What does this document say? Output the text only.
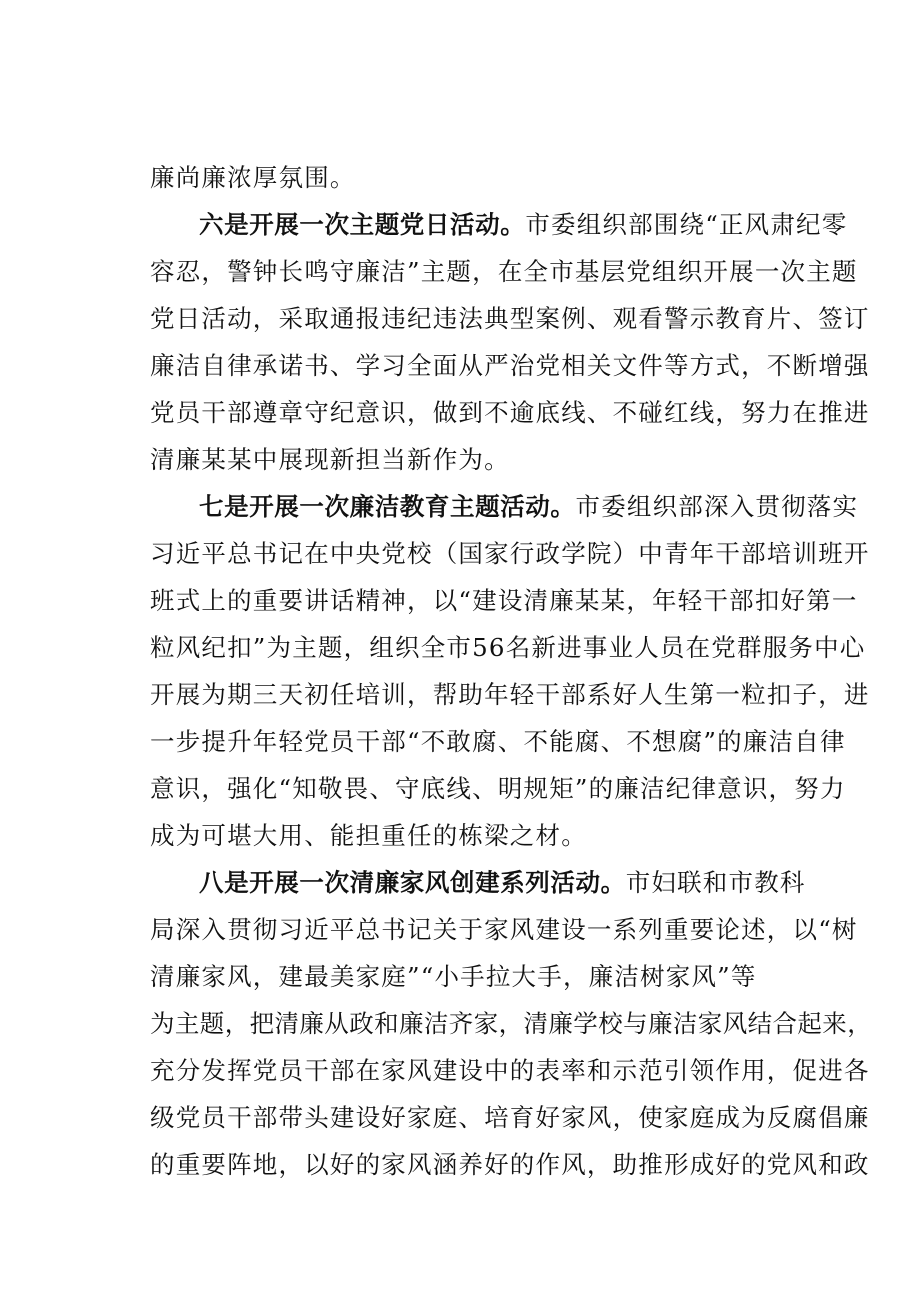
廉尚廉浓厚氛围。
六是开展一次主题党日活动。市委组织部围绕“正风肃纪零
容忍，警钟长鸣守廉洁”主题，在全市基层党组织开展一次主题
党日活动，采取通报违纪违法典型案例、观看警示教育片、签订
廉洁自律承诺书、学习全面从严治党相关文件等方式，不断增强
党员干部遵章守纪意识，做到不逾底线、不碰红线，努力在推进
清廉某某中展现新担当新作为。
七是开展一次廉洁教育主题活动。市委组织部深入贯彻落实
习近平总书记在中央党校（国家行政学院）中青年干部培训班开
班式上的重要讲话精神，以“建设清廉某某，年轻干部扣好第一
粒风纪扣”为主题，组织全市56名新进事业人员在党群服务中心
开展为期三天初任培训，帮助年轻干部系好人生第一粒扣子，进
一步提升年轻党员干部“不敢腐、不能腐、不想腐”的廉洁自律
意识，强化“知敬畏、守底线、明规矩”的廉洁纪律意识，努力
成为可堪大用、能担重任的栋梁之材。
八是开展一次清廉家风创建系列活动。市妇联和市教科
局深入贯彻习近平总书记关于家风建设一系列重要论述，以“树
清廉家风，建最美家庭”“小手拉大手，廉洁树家风”等
为主题，把清廉从政和廉洁齐家，清廉学校与廉洁家风结合起来，
充分发挥党员干部在家风建设中的表率和示范引领作用，促进各
级党员干部带头建设好家庭、培育好家风，使家庭成为反腐倡廉
的重要阵地，以好的家风涵养好的作风，助推形成好的党风和政
